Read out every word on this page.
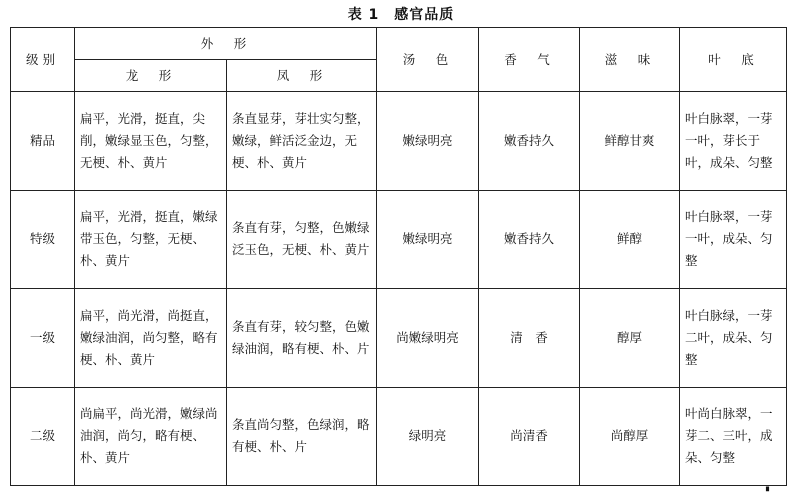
表 1　感官品质
级别	外　形		汤　色	香　气	滋　味	叶　底
	龙　形	凤　形				
精品	扁平，光滑，挺直，尖削，嫩绿显玉色，匀整，无梗、朴、黄片	条直显芽，芽壮实匀整，嫩绿，鲜活泛金边，无梗、朴、黄片	嫩绿明亮	嫩香持久	鲜醇甘爽	叶白脉翠，一芽一叶，芽长于叶，成朵、匀整
特级	扁平，光滑，挺直，嫩绿带玉色，匀整，无梗、朴、黄片	条直有芽，匀整，色嫩绿泛玉色，无梗、朴、黄片	嫩绿明亮	嫩香持久	鲜醇	叶白脉翠，一芽一叶，成朵、匀整
一级	扁平，尚光滑，尚挺直，嫩绿油润，尚匀整，略有梗、朴、黄片	条直有芽，较匀整，色嫩绿油润，略有梗、朴、片	尚嫩绿明亮	清　香	醇厚	叶白脉绿，一芽二叶，成朵、匀整
二级	尚扁平，尚光滑，嫩绿尚油润，尚匀，略有梗、朴、黄片	条直尚匀整，色绿润，略有梗、朴、片	绿明亮	尚清香	尚醇厚	叶尚白脉翠，一芽二、三叶，成朵、匀整
▘
